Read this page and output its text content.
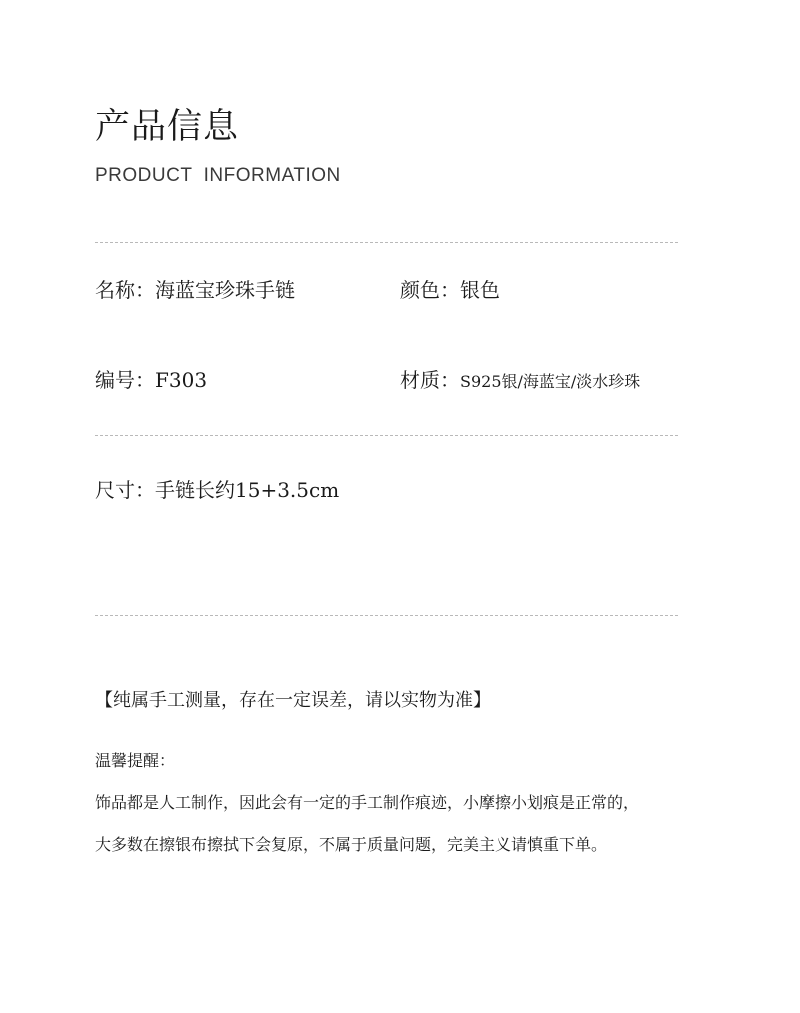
产品信息
PRODUCT  INFORMATION
名称：海蓝宝珍珠手链	颜色：银色
编号：F303	材质：S925银/海蓝宝/淡水珍珠
尺寸：手链长约15+3.5cm
【纯属手工测量，存在一定误差，请以实物为准】
温馨提醒：
饰品都是人工制作，因此会有一定的手工制作痕迹，小摩擦小划痕是正常的，
大多数在擦银布擦拭下会复原，不属于质量问题，完美主义请慎重下单。
